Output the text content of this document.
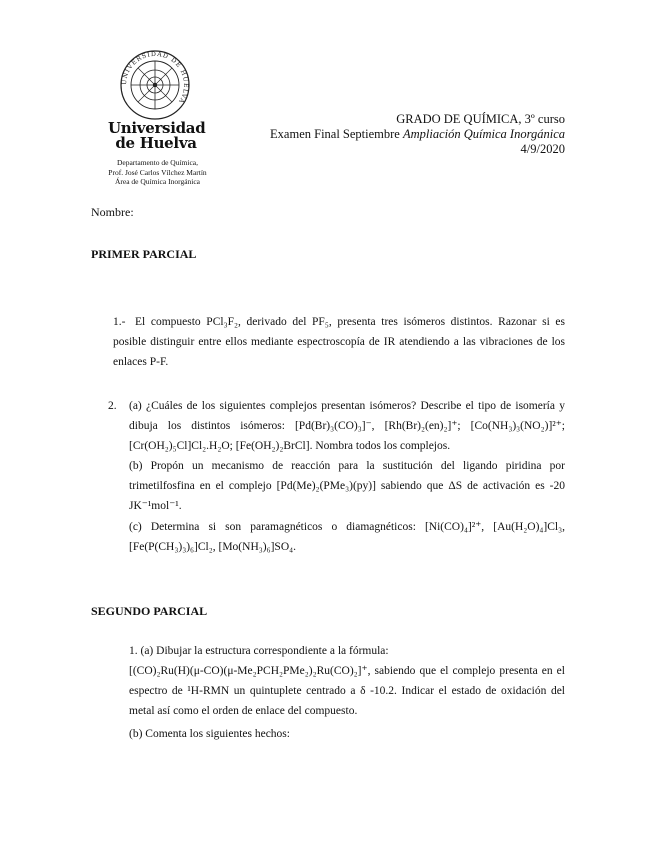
UNIVERSIDAD DE HUELVA
Universidad
de Huelva
Departamento de Química,
Prof. José Carlos Vílchez Martín
Área de Química Inorgánica
GRADO DE QUÍMICA, 3º curso
Examen Final Septiembre Ampliación Química Inorgánica
4/9/2020
Nombre:
PRIMER PARCIAL
1.- El compuesto PCl₃F₂, derivado del PF₅, presenta tres isómeros distintos. Razonar si es posible distinguir entre ellos mediante espectroscopía de IR atendiendo a las vibraciones de los enlaces P-F.
2.	(a) ¿Cuáles de los siguientes complejos presentan isómeros? Describe el tipo de isomería y dibuja los distintos isómeros: [Pd(Br)₃(CO)₃]⁻, [Rh(Br)₂(en)₂]⁺; [Co(NH₃)₃(NO₂)]²⁺; [Cr(OH₂)₅Cl]Cl₂.H₂O; [Fe(OH₂)₂BrCl]. Nombra todos los complejos.
(b) Propón un mecanismo de reacción para la sustitución del ligando piridina por trimetilfosfina en el complejo [Pd(Me)₂(PMe₃)(py)] sabiendo que ΔS de activación es -20 JK⁻¹mol⁻¹.
(c) Determina si son paramagnéticos o diamagnéticos: [Ni(CO)₄]²⁺, [Au(H₂O)₄]Cl₃, [Fe(P(CH₃)₃)₆]Cl₂, [Mo(NH₃)₆]SO₄.
SEGUNDO PARCIAL
1. (a) Dibujar la estructura correspondiente a la fórmula:
[(CO)₂Ru(H)(μ-CO)(μ-Me₂PCH₂PMe₂)₂Ru(CO)₂]⁺, sabiendo que el complejo presenta en el espectro de ¹H-RMN un quintuplete centrado a δ -10.2. Indicar el estado de oxidación del metal así como el orden de enlace del compuesto.
(b) Comenta los siguientes hechos:
